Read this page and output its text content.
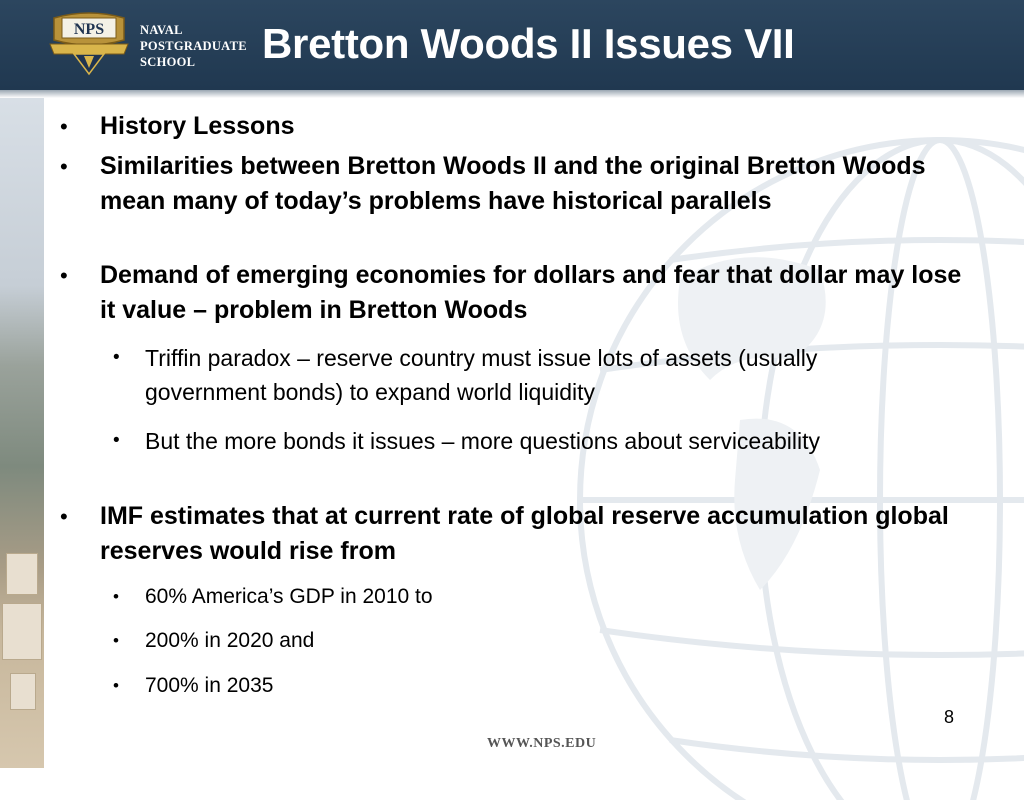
NPS	NAVAL
POSTGRADUATE
SCHOOL	Bretton Woods II Issues VII
• History Lessons
• Similarities between Bretton Woods II and the original Bretton Woods mean many of today’s problems have historical parallels
• Demand of emerging economies for dollars and fear that dollar may lose it value – problem in Bretton Woods
• Triffin paradox – reserve country must issue lots of assets (usually government bonds) to expand world liquidity
• But the more bonds it issues – more questions about serviceability
• IMF estimates that at current rate of global reserve accumulation global reserves would rise from
• 60% America’s GDP in 2010 to
• 200% in 2020 and
• 700% in 2035
8
WWW.NPS.EDU
